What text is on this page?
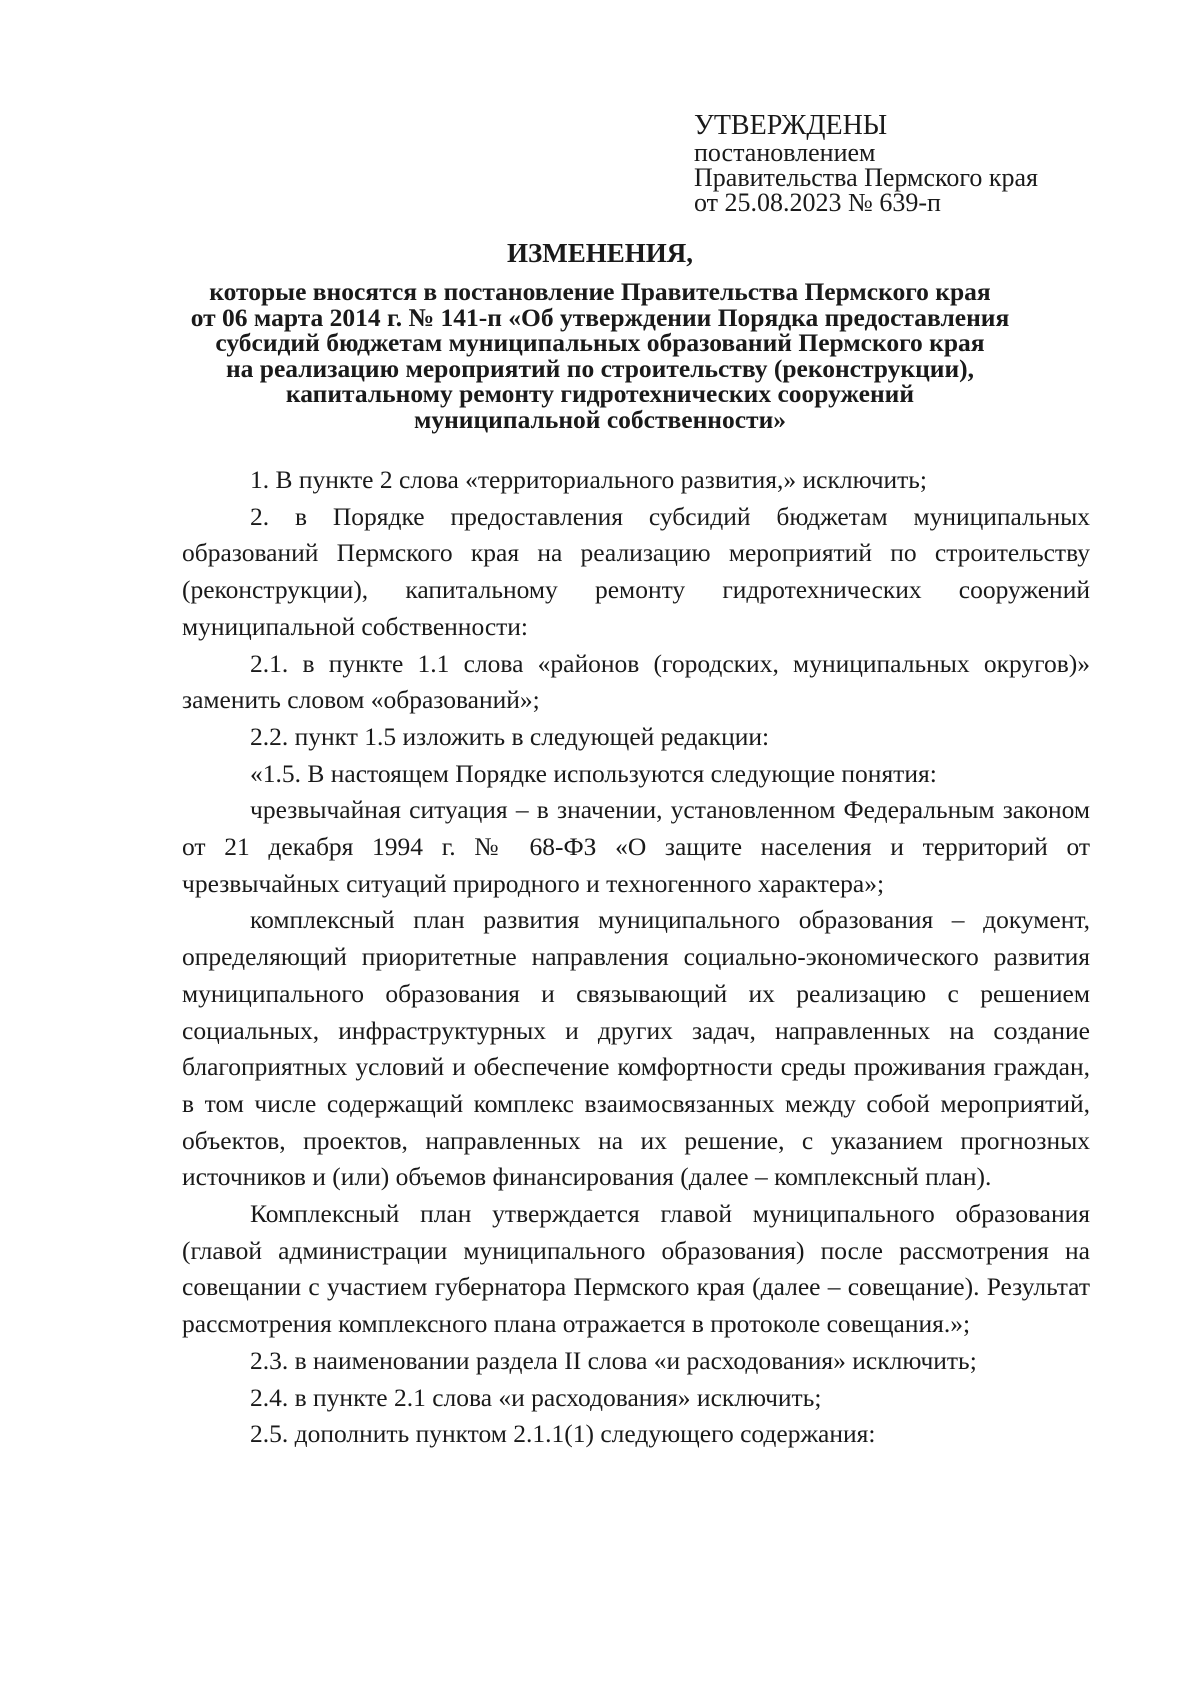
УТВЕРЖДЕНЫ
постановлением
Правительства Пермского края
от 25.08.2023 № 639-п
ИЗМЕНЕНИЯ,
которые вносятся в постановление Правительства Пермского края
от 06 марта 2014 г. № 141-п «Об утверждении Порядка предоставления
субсидий бюджетам муниципальных образований Пермского края
на реализацию мероприятий по строительству (реконструкции),
капитальному ремонту гидротехнических сооружений
муниципальной собственности»

1. В пункте 2 слова «территориального развития,» исключить;

2. в Порядке предоставления субсидий бюджетам муниципальных образований Пермского края на реализацию мероприятий по строительству (реконструкции), капитальному ремонту гидротехнических сооружений муниципальной собственности:

2.1. в пункте 1.1 слова «районов (городских, муниципальных округов)» заменить словом «образований»;

2.2. пункт 1.5 изложить в следующей редакции:

«1.5. В настоящем Порядке используются следующие понятия:

чрезвычайная ситуация – в значении, установленном Федеральным законом от 21 декабря 1994 г. № 68-ФЗ «О защите населения и территорий от чрезвычайных ситуаций природного и техногенного характера»;

комплексный план развития муниципального образования – документ, определяющий приоритетные направления социально-экономического развития муниципального образования и связывающий их реализацию с решением социальных, инфраструктурных и других задач, направленных на создание благоприятных условий и обеспечение комфортности среды проживания граждан, в том числе содержащий комплекс взаимосвязанных между собой мероприятий, объектов, проектов, направленных на их решение, с указанием прогнозных источников и (или) объемов финансирования (далее – комплексный план).

Комплексный план утверждается главой муниципального образования (главой администрации муниципального образования) после рассмотрения на совещании с участием губернатора Пермского края (далее – совещание). Результат рассмотрения комплексного плана отражается в протоколе совещания.»;

2.3. в наименовании раздела II слова «и расходования» исключить;

2.4. в пункте 2.1 слова «и расходования» исключить;

2.5. дополнить пунктом 2.1.1(1) следующего содержания:
